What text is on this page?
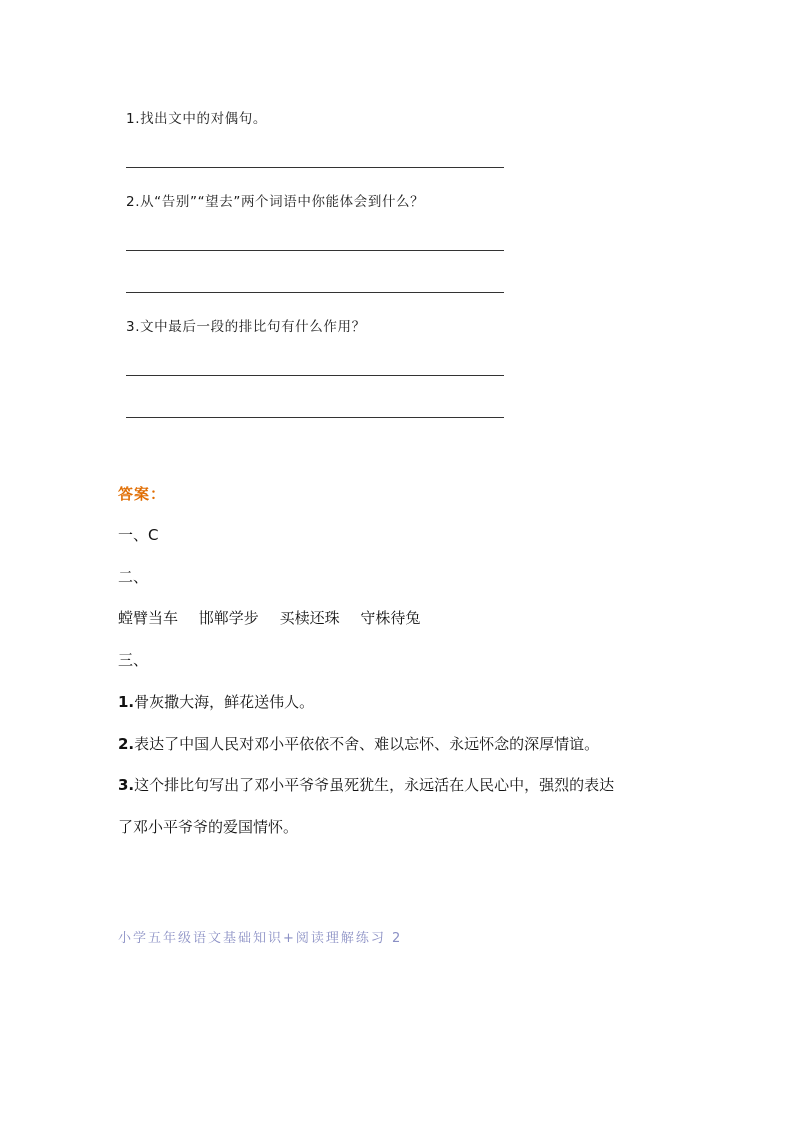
1.找出文中的对偶句。
2.从“告别”“望去”两个词语中你能体会到什么？
3.文中最后一段的排比句有什么作用？
答案：
一、C
二、
螳臂当车 邯郸学步 买椟还珠 守株待兔
三、
1.骨灰撒大海，鲜花送伟人。
2.表达了中国人民对邓小平依依不舍、难以忘怀、永远怀念的深厚情谊。
3.这个排比句写出了邓小平爷爷虽死犹生，永远活在人民心中，强烈的表达
了邓小平爷爷的爱国情怀。
小学五年级语文基础知识+阅读理解练习 2
